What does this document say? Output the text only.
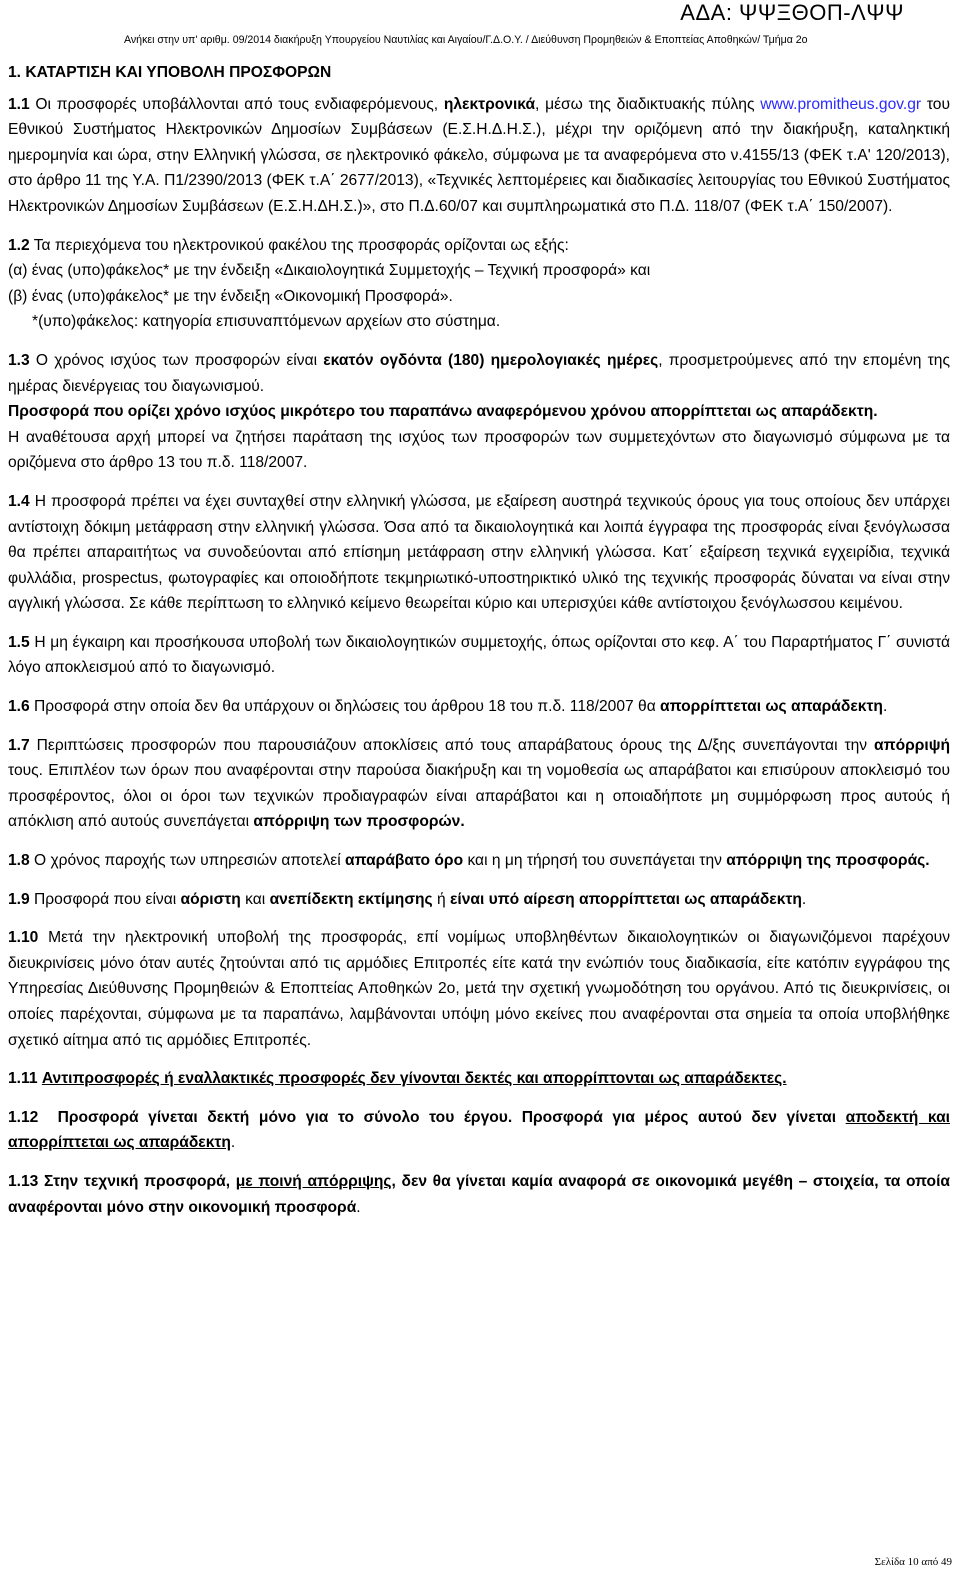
ΑΔΑ: ΨΨΞΘΟΠ-ΛΨΨ
Ανήκει στην υπ' αριθμ. 09/2014 διακήρυξη Υπουργείου Ναυτιλίας και Αιγαίου/Γ.Δ.Ο.Υ. / Διεύθυνση Προμηθειών & Εποπτείας Αποθηκών/ Τμήμα 2ο
1. ΚΑΤΑΡΤΙΣΗ ΚΑΙ ΥΠΟΒΟΛΗ ΠΡΟΣΦΟΡΩΝ

1.1 Οι προσφορές υποβάλλονται από τους ενδιαφερόμενους, ηλεκτρονικά, μέσω της διαδικτυακής πύλης www.promitheus.gov.gr του Εθνικού Συστήματος Ηλεκτρονικών Δημοσίων Συμβάσεων (Ε.Σ.Η.Δ.Η.Σ.), μέχρι την οριζόμενη από την διακήρυξη, καταληκτική ημερομηνία και ώρα, στην Ελληνική γλώσσα, σε ηλεκτρονικό φάκελο, σύμφωνα με τα αναφερόμενα στο ν.4155/13 (ΦΕΚ τ.Α' 120/2013), στο άρθρο 11 της Υ.Α. Π1/2390/2013 (ΦΕΚ τ.Α΄ 2677/2013), «Τεχνικές λεπτομέρειες και διαδικασίες λειτουργίας του Εθνικού Συστήματος Ηλεκτρονικών Δημοσίων Συμβάσεων (Ε.Σ.Η.ΔΗ.Σ.)», στο Π.Δ.60/07 και συμπληρωματικά στο Π.Δ. 118/07 (ΦΕΚ τ.Α΄ 150/2007).

1.2 Τα περιεχόμενα του ηλεκτρονικού φακέλου της προσφοράς ορίζονται ως εξής:

(α) ένας (υπο)φάκελος* με την ένδειξη «Δικαιολογητικά Συμμετοχής – Τεχνική προσφορά» και

(β) ένας (υπο)φάκελος* με την ένδειξη «Οικονομική Προσφορά».

*(υπο)φάκελος: κατηγορία επισυναπτόμενων αρχείων στο σύστημα.

1.3 Ο χρόνος ισχύος των προσφορών είναι εκατόν ογδόντα (180) ημερολογιακές ημέρες, προσμετρούμενες από την επομένη της ημέρας διενέργειας του διαγωνισμού.

Προσφορά που ορίζει χρόνο ισχύος μικρότερο του παραπάνω αναφερόμενου χρόνου απορρίπτεται ως απαράδεκτη.

Η αναθέτουσα αρχή μπορεί να ζητήσει παράταση της ισχύος των προσφορών των συμμετεχόντων στο διαγωνισμό σύμφωνα με τα οριζόμενα στο άρθρο 13 του π.δ. 118/2007.

1.4 Η προσφορά πρέπει να έχει συνταχθεί στην ελληνική γλώσσα, με εξαίρεση αυστηρά τεχνικούς όρους για τους οποίους δεν υπάρχει αντίστοιχη δόκιμη μετάφραση στην ελληνική γλώσσα. Όσα από τα δικαιολογητικά και λοιπά έγγραφα της προσφοράς είναι ξενόγλωσσα θα πρέπει απαραιτήτως να συνοδεύονται από επίσημη μετάφραση στην ελληνική γλώσσα. Κατ΄ εξαίρεση τεχνικά εγχειρίδια, τεχνικά φυλλάδια, prospectus, φωτογραφίες και οποιοδήποτε τεκμηριωτικό-υποστηρικτικό υλικό της τεχνικής προσφοράς δύναται να είναι στην αγγλική γλώσσα. Σε κάθε περίπτωση το ελληνικό κείμενο θεωρείται κύριο και υπερισχύει κάθε αντίστοιχου ξενόγλωσσου κειμένου.

1.5 Η μη έγκαιρη και προσήκουσα υποβολή των δικαιολογητικών συμμετοχής, όπως ορίζονται στο κεφ. Α΄ του Παραρτήματος Γ΄ συνιστά λόγο αποκλεισμού από το διαγωνισμό.

1.6 Προσφορά στην οποία δεν θα υπάρχουν οι δηλώσεις του άρθρου 18 του π.δ. 118/2007 θα απορρίπτεται ως απαράδεκτη.

1.7 Περιπτώσεις προσφορών που παρουσιάζουν αποκλίσεις από τους απαράβατους όρους της Δ/ξης συνεπάγονται την απόρριψή τους. Επιπλέον των όρων που αναφέρονται στην παρούσα διακήρυξη και τη νομοθεσία ως απαράβατοι και επισύρουν αποκλεισμό του προσφέροντος, όλοι οι όροι των τεχνικών προδιαγραφών είναι απαράβατοι και η οποιαδήποτε μη συμμόρφωση προς αυτούς ή απόκλιση από αυτούς συνεπάγεται απόρριψη των προσφορών.

1.8 Ο χρόνος παροχής των υπηρεσιών αποτελεί απαράβατο όρο και η μη τήρησή του συνεπάγεται την απόρριψη της προσφοράς.

1.9 Προσφορά που είναι αόριστη και ανεπίδεκτη εκτίμησης ή είναι υπό αίρεση απορρίπτεται ως απαράδεκτη.

1.10 Μετά την ηλεκτρονική υποβολή της προσφοράς, επί νομίμως υποβληθέντων δικαιολογητικών οι διαγωνιζόμενοι παρέχουν διευκρινίσεις μόνο όταν αυτές ζητούνται από τις αρμόδιες Επιτροπές είτε κατά την ενώπιόν τους διαδικασία, είτε κατόπιν εγγράφου της Υπηρεσίας Διεύθυνσης Προμηθειών & Εποπτείας Αποθηκών 2ο, μετά την σχετική γνωμοδότηση του οργάνου. Από τις διευκρινίσεις, οι οποίες παρέχονται, σύμφωνα με τα παραπάνω, λαμβάνονται υπόψη μόνο εκείνες που αναφέρονται στα σημεία τα οποία υποβλήθηκε σχετικό αίτημα από τις αρμόδιες Επιτροπές.

1.11 Αντιπροσφορές ή εναλλακτικές προσφορές δεν γίνονται δεκτές και απορρίπτονται ως απαράδεκτες.

1.12 Προσφορά γίνεται δεκτή μόνο για το σύνολο του έργου. Προσφορά για μέρος αυτού δεν γίνεται αποδεκτή και απορρίπτεται ως απαράδεκτη.

1.13 Στην τεχνική προσφορά, με ποινή απόρριψης, δεν θα γίνεται καμία αναφορά σε οικονομικά μεγέθη – στοιχεία, τα οποία αναφέρονται μόνο στην οικονομική προσφορά.

Σελίδα 10 από 49
